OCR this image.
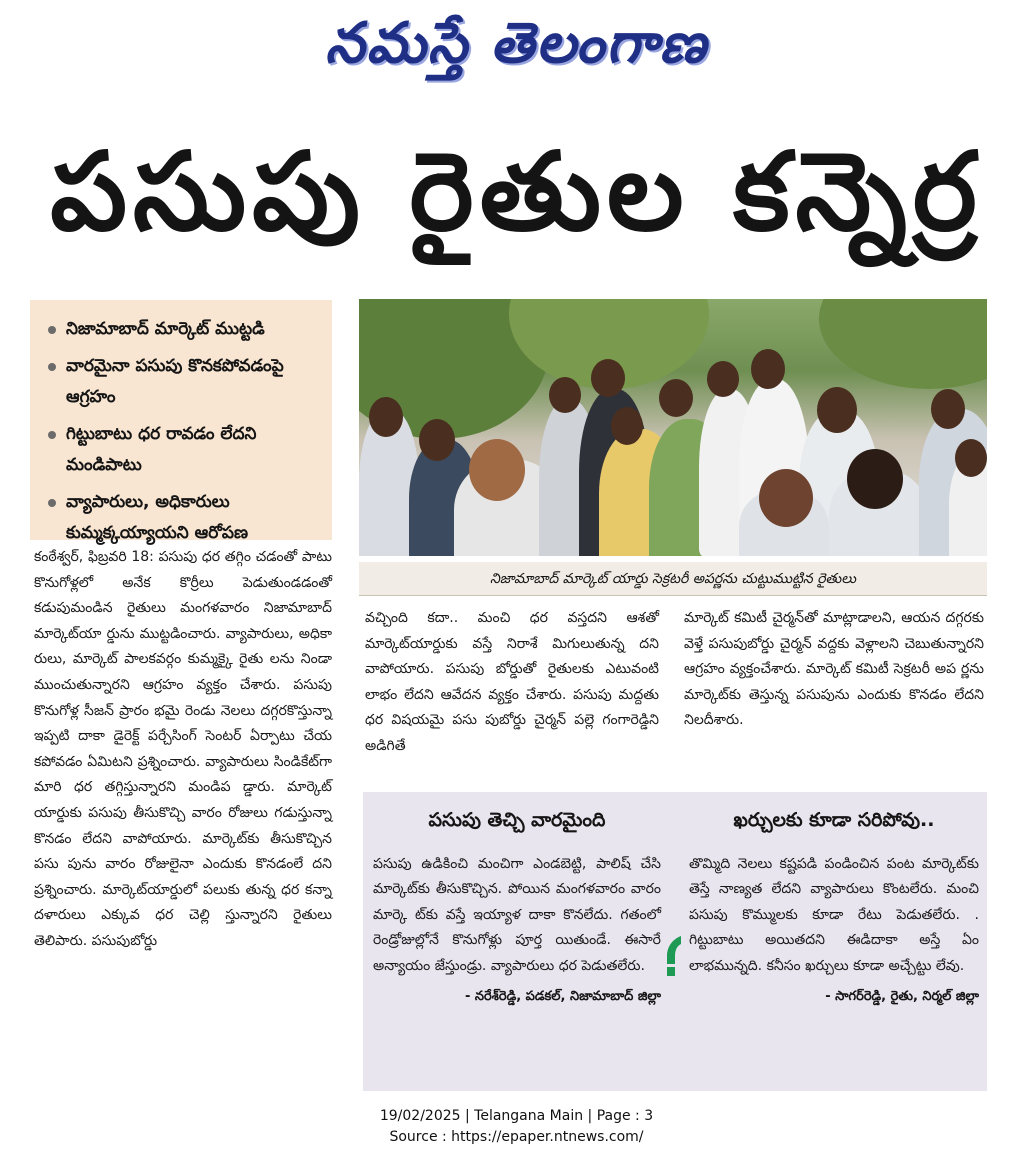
నమస్తే తెలంగాణ
పసుపు రైతుల కన్నెర్ర
నిజామాబాద్ మార్కెట్ ముట్టడి
వారమైనా పసుపు కొనకపోవడంపై ఆగ్రహం
గిట్టుబాటు ధర రావడం లేదని మండిపాటు
వ్యాపారులు, అధికారులు కుమ్మక్కయ్యాయని ఆరోపణ
నిజామాబాద్ మార్కెట్ యార్డు సెక్రటరీ అపర్ణను చుట్టుముట్టిన రైతులు
కంఠేశ్వర్, ఫిబ్రవరి 18: పసుపు ధర తగ్గిం చడంతో పాటు కొనుగోళ్లలో అనేక కొర్రీలు పెడుతుండడంతో కడుపుమండిన రైతులు మంగళవారం నిజామాబాద్ మార్కెట్‌యా ర్డును ముట్టడించారు. వ్యాపారులు, అధికా రులు, మార్కెట్ పాలకవర్గం కుమ్మక్కై రైతు లను నిండా ముంచుతున్నారని ఆగ్రహం వ్యక్తం చేశారు. పసుపు కొనుగోళ్ల సీజన్ ప్రారం భమై రెండు నెలలు దగ్గరకొస్తున్నా ఇప్పటి దాకా డైరెక్ట్ పర్చేసింగ్ సెంటర్ ఏర్పాటు చేయ కపోవడం ఏమిటని ప్రశ్నించారు. వ్యాపారులు సిండికేట్‌గా మారి ధర తగ్గిస్తున్నారని మండిప డ్డారు. మార్కెట్ యార్డుకు పసుపు తీసుకొచ్చి వారం రోజులు గడుస్తున్నా కొనడం లేదని వాపోయారు. మార్కెట్‌కు తీసుకొచ్చిన పసు పును వారం రోజులైనా ఎందుకు కొనడంలే దని ప్రశ్నించారు. మార్కెట్‌యార్డులో పలుకు తున్న ధర కన్నా దళారులు ఎక్కువ ధర చెల్లి స్తున్నారని రైతులు తెలిపారు. పసుపుబోర్డు
వచ్చింది కదా.. మంచి ధర వస్తదని ఆశతో మార్కెట్‌యార్డుకు వస్తే నిరాశే మిగులుతున్న దని వాపోయారు. పసుపు బోర్డుతో రైతులకు ఎటువంటి లాభం లేదని ఆవేదన వ్యక్తం చేశారు. పసుపు మద్దతు ధర విషయమై పసు పుబోర్డు చైర్మన్ పల్లె గంగారెడ్డిని అడిగితే
మార్కెట్ కమిటీ చైర్మన్‌తో మాట్లాడాలని, ఆయన దగ్గరకు వెళ్తే పసుపుబోర్డు చైర్మన్ వద్దకు వెళ్లాలని చెబుతున్నారని ఆగ్రహం వ్యక్తంచేశారు. మార్కెట్ కమిటీ సెక్రటరీ అప ర్ణను మార్కెట్‌కు తెస్తున్న పసుపును ఎందుకు కొనడం లేదని నిలదీశారు.
పసుపు తెచ్చి వారమైంది

పసుపు ఉడికించి మంచిగా ఎండబెట్టి, పాలిష్ చేసి మార్కెట్‌కు తీసుకొచ్చిన. పోయిన మంగళవారం వారం మార్కె ట్‌కు వస్తే ఇయ్యాళ దాకా కొనలేదు. గతంలో రెండ్రోజుల్లోనే కొనుగోళ్లు పూర్త యితుండే. ఈసారే అన్యాయం జేస్తుండ్రు. వ్యాపారులు ధర పెడుతలేరు.

- నరేశ్‌రెడ్డి, పడకల్, నిజామాబాద్ జిల్లా
ఖర్చులకు కూడా సరిపోవు..

తొమ్మిది నెలలు కష్టపడి పండించిన పంట మార్కెట్‌కు తెస్తే నాణ్యత లేదని వ్యాపారులు కొంటలేరు. మంచి పసుపు కొమ్ములకు కూడా రేటు పెడుతలేరు. . గిట్టుబాటు అయితదని ఈడిదాకా అస్తే ఏం లాభమున్నది. కనీసం ఖర్చులు కూడా అచ్చేట్టు లేవు.

- సాగర్‌రెడ్డి, రైతు, నిర్మల్ జిల్లా
19/02/2025 | Telangana Main | Page : 3
Source : https://epaper.ntnews.com/
